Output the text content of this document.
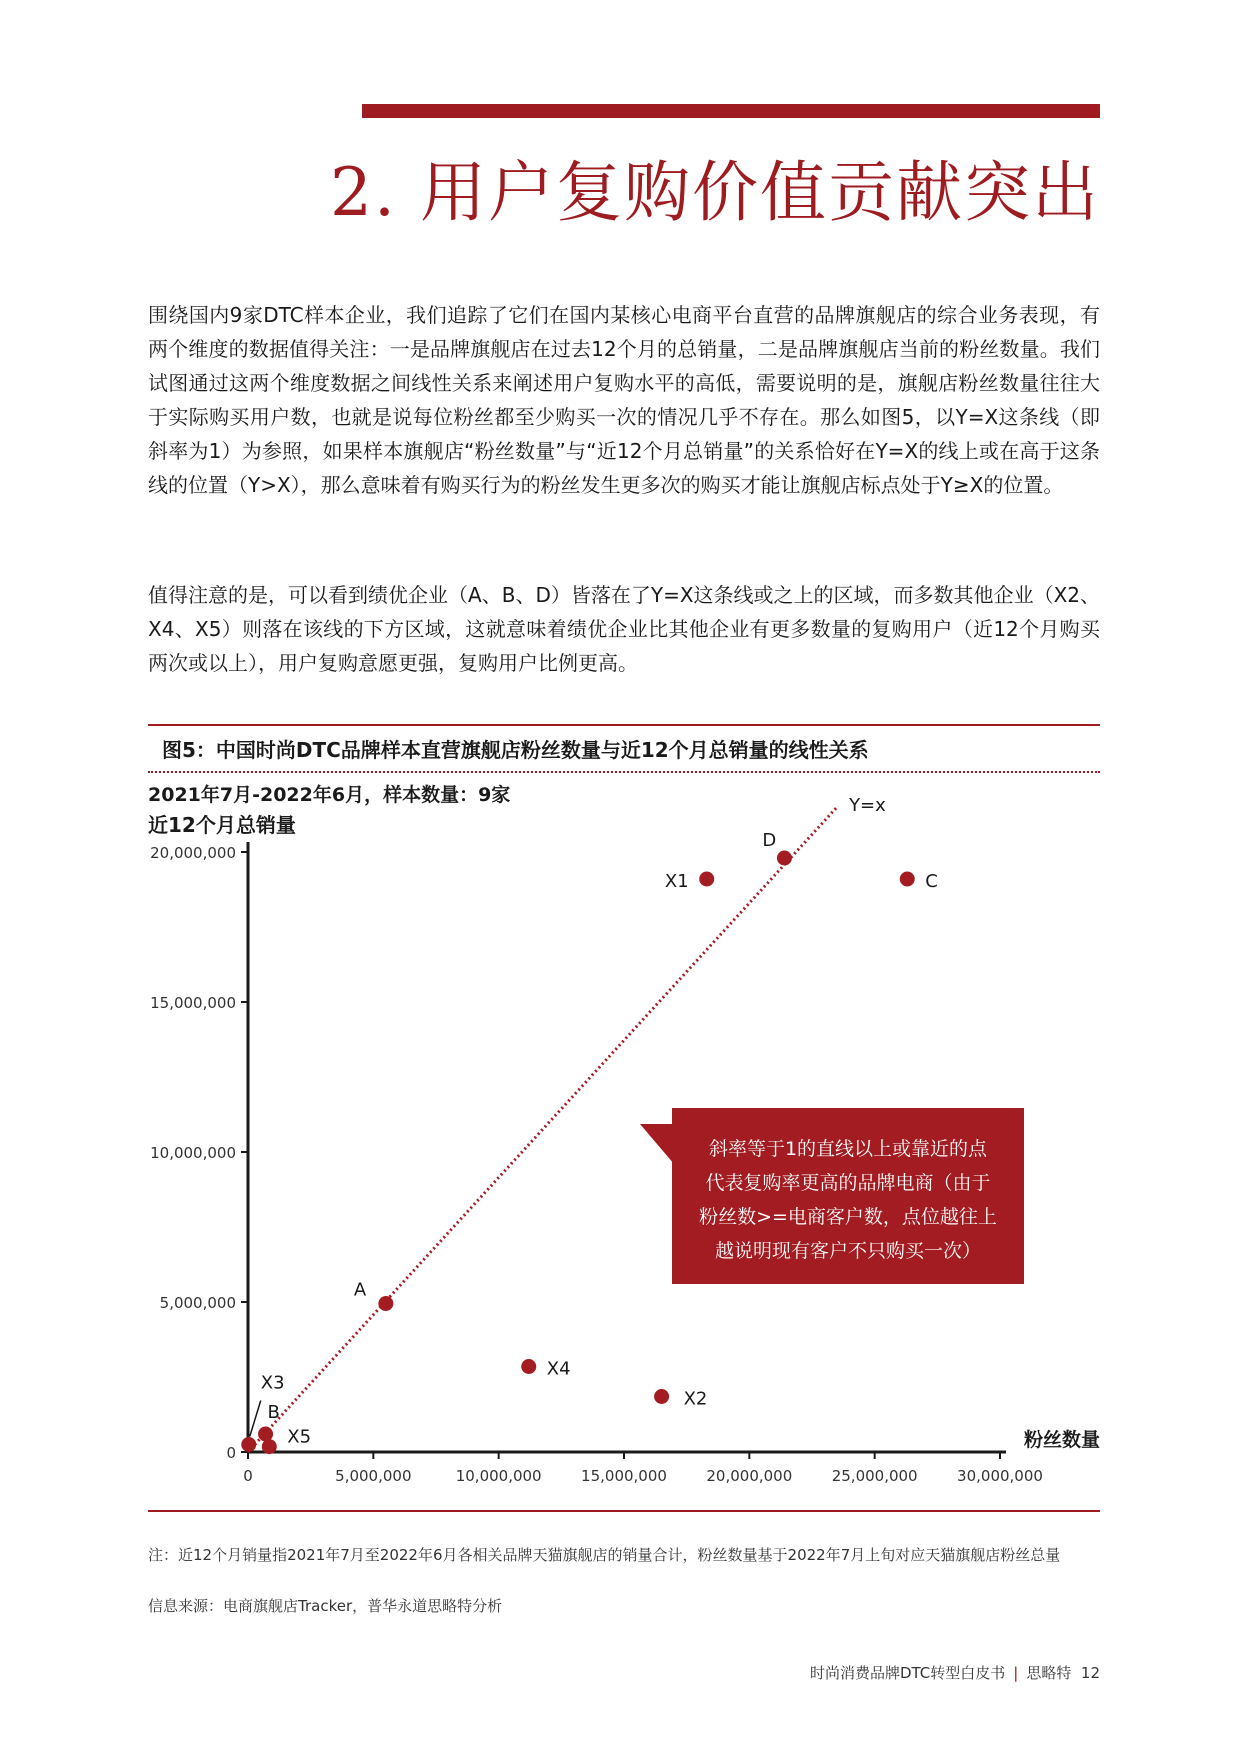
2. 用户复购价值贡献突出

围绕国内9家DTC样本企业，我们追踪了它们在国内某核心电商平台直营的品牌旗舰店的综合业务表现，有两个维度的数据值得关注：一是品牌旗舰店在过去12个月的总销量，二是品牌旗舰店当前的粉丝数量。我们试图通过这两个维度数据之间线性关系来阐述用户复购水平的高低，需要说明的是，旗舰店粉丝数量往往大于实际购买用户数，也就是说每位粉丝都至少购买一次的情况几乎不存在。那么如图5，以Y=X这条线（即斜率为1）为参照，如果样本旗舰店“粉丝数量”与“近12个月总销量”的关系恰好在Y=X的线上或在高于这条线的位置（Y>X），那么意味着有购买行为的粉丝发生更多次的购买才能让旗舰店标点处于Y≥X的位置。

值得注意的是，可以看到绩优企业（A、B、D）皆落在了Y=X这条线或之上的区域，而多数其他企业（X2、X4、X5）则落在该线的下方区域，这就意味着绩优企业比其他企业有更多数量的复购用户（近12个月购买两次或以上），用户复购意愿更强，复购用户比例更高。

图5：中国时尚DTC品牌样本直营旗舰店粉丝数量与近12个月总销量的线性关系

2021年7月-2022年6月，样本数量：9家

0
5,000,000
10,000,000
15,000,000
20,000,000
0	5,000,000	10,000,000	15,000,000	20,000,000	25,000,000	30,000,000
近12个月总销量
粉丝数量
Y=x
A
B
C
D
X1
X2
X3
X4
X5
斜率等于1的直线以上或靠近的点
代表复购率更高的品牌电商（由于
粉丝数>=电商客户数，点位越往上
越说明现有客户不只购买一次）

注：近12个月销量指2021年7月至2022年6月各相关品牌天猫旗舰店的销量合计，粉丝数量基于2022年7月上旬对应天猫旗舰店粉丝总量

信息来源：电商旗舰店Tracker，普华永道思略特分析

时尚消费品牌DTC转型白皮书 | 思略特 12
